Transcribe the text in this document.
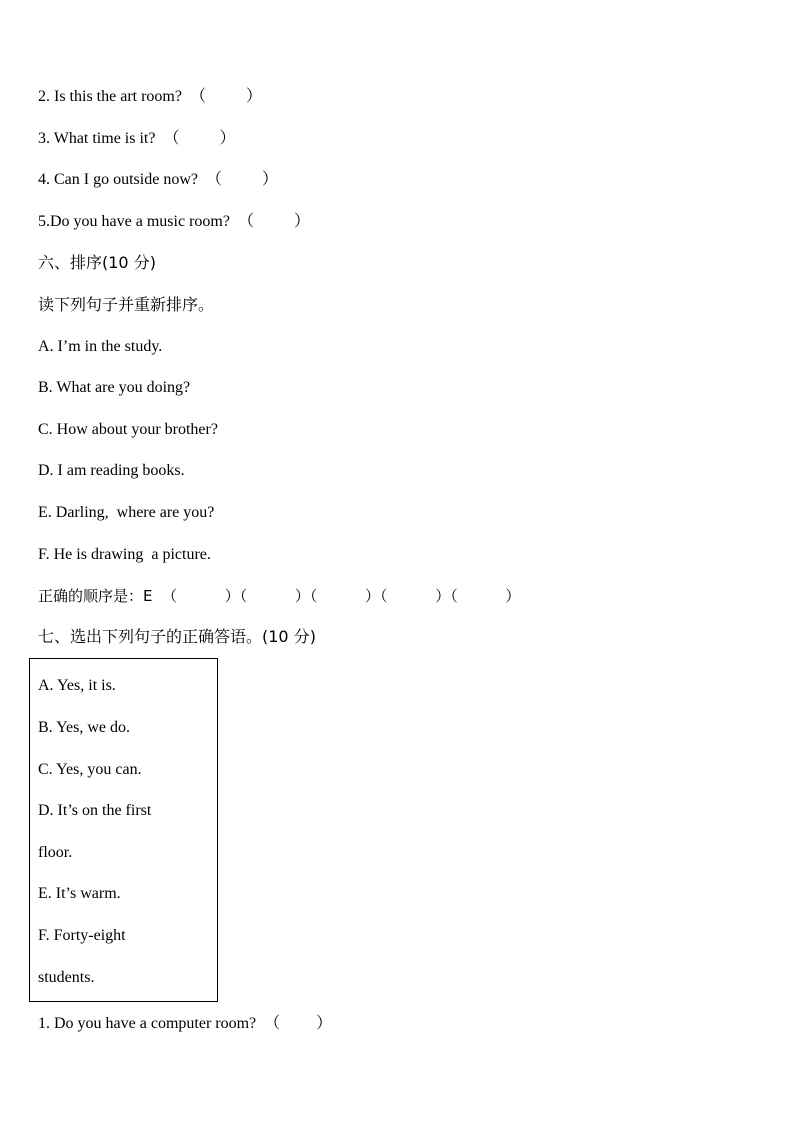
2. Is this the art room?  （          ）
3. What time is it?  （          ）
4. Can I go outside now?  （          ）
5.Do you have a music room?  （          ）
六、排序(10 分)
读下列句子并重新排序。
A. I’m in the study.
B. What are you doing?
C. How about your brother?
D. I am reading books.
E. Darling,  where are you?
F. He is drawing  a picture.
正确的顺序是：E  （          ）（          ）（          ）（          ）（          ）
七、选出下列句子的正确答语。(10 分)
A. Yes, it is.
B. Yes, we do.
C. Yes, you can.
D. It’s on the first
floor.
E. It’s warm.
F. Forty-eight
students.
1. Do you have a computer room?  （         ）
